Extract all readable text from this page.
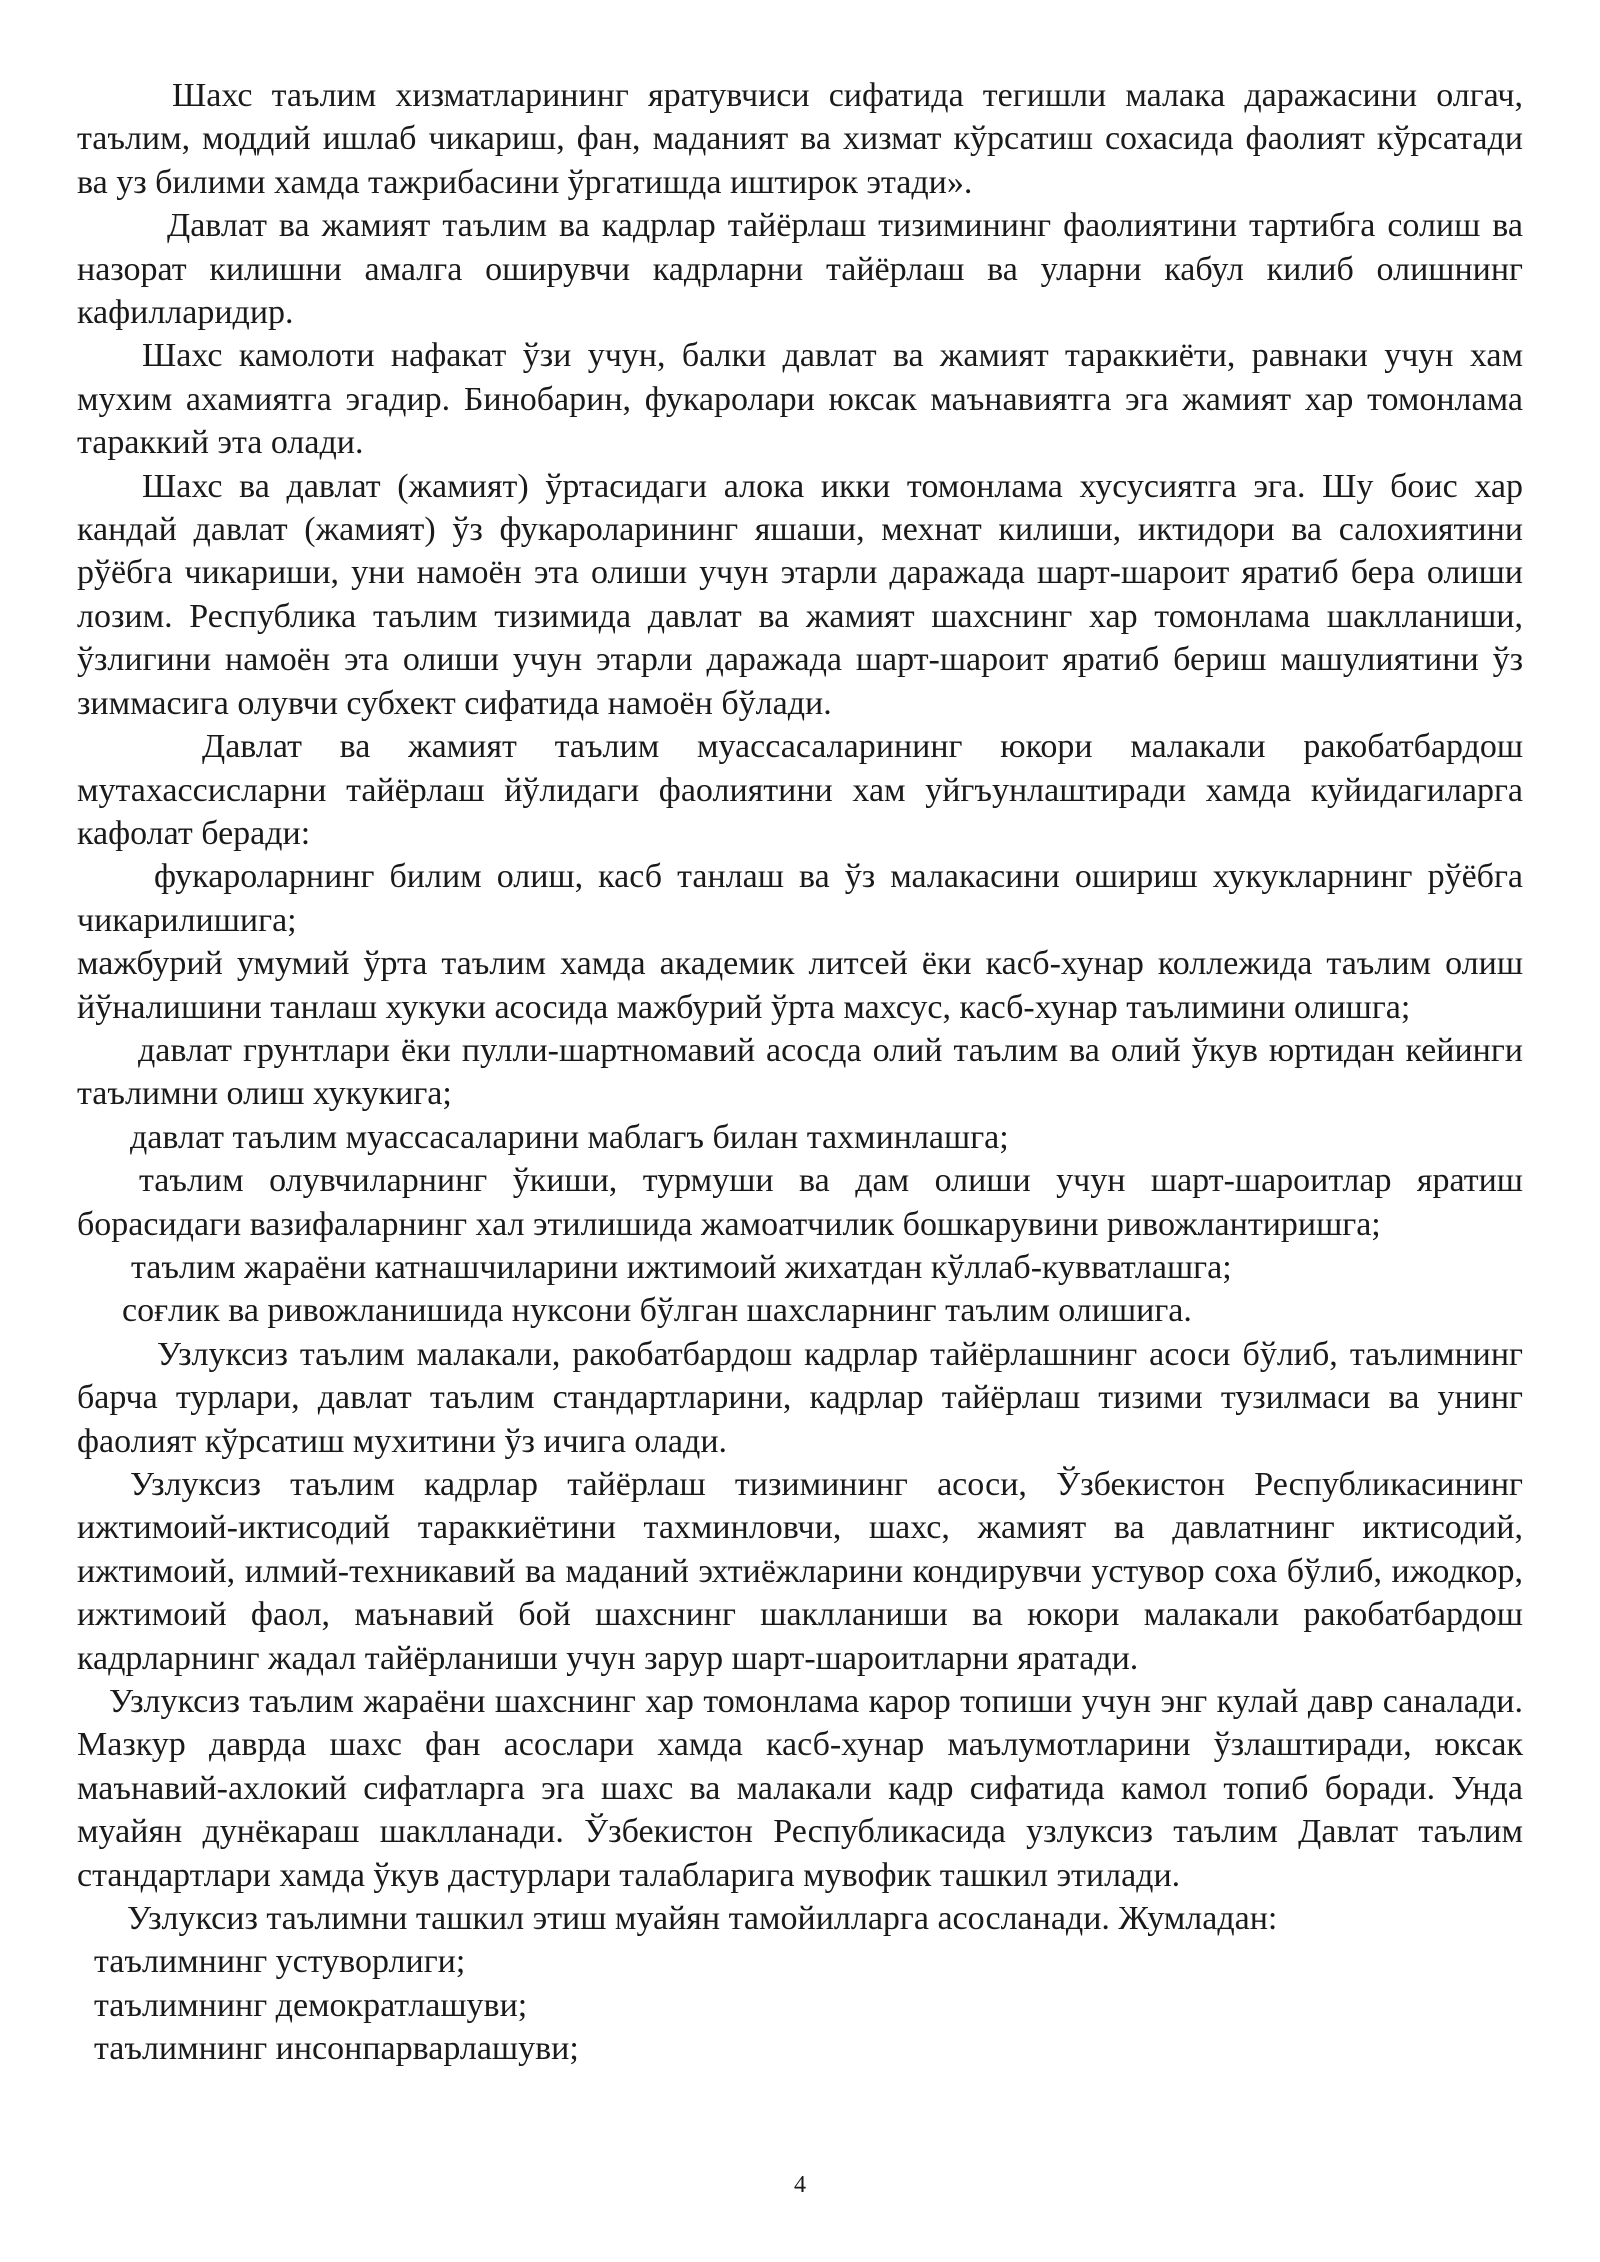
Шахс таълим хизматларининг яратувчиси сифатида тегишли малака даражасини олгач, таълим, моддий ишлаб чикариш, фан, маданият ва хизмат кўрсатиш сохасида фаолият кўрсатади ва уз билими хамда тажрибасини ўргатишда иштирок этади».

Давлат ва жамият таълим ва кадрлар тайёрлаш тизимининг фаолиятини тартибга солиш ва назорат килишни амалга оширувчи кадрларни тайёрлаш ва уларни кабул килиб олишнинг кафилларидир.

Шахс камолоти нафакат ўзи учун, балки давлат ва жамият тараккиёти, равнаки учун хам мухим ахамиятга эгадир. Бинобарин, фукаролари юксак маънавиятга эга жамият хар томонлама тараккий эта олади.

Шахс ва давлат (жамият) ўртасидаги алока икки томонлама хусусиятга эга. Шу боис хар кандай давлат (жамият) ўз фукароларининг яшаши, мехнат килиши, иктидори ва салохиятини рўёбга чикариши, уни намоён эта олиши учун этарли даражада шарт-шароит яратиб бера олиши лозим. Республика таълим тизимида давлат ва жамият шахснинг хар томонлама шаклланиши, ўзлигини намоён эта олиши учун этарли даражада шарт-шароит яратиб бериш машулиятини ўз зиммасига олувчи субхект сифатида намоён бўлади.

Давлат ва жамият таълим муассасаларининг юкори малакали ракобатбардош мутахассисларни тайёрлаш йўлидаги фаолиятини хам уйгъунлаштиради хамда куйидагиларга кафолат беради:

фукароларнинг билим олиш, касб танлаш ва ўз малакасини ошириш хукукларнинг рўёбга чикарилишига;

мажбурий умумий ўрта таълим хамда академик литсей ёки касб-хунар коллежида таълим олиш йўналишини танлаш хукуки асосида мажбурий ўрта махсус, касб-хунар таълимини олишга;

давлат грунтлари ёки пулли-шартномавий асосда олий таълим ва олий ўкув юртидан кейинги таълимни олиш хукукига;

давлат таълим муассасаларини маблагъ билан тахминлашга;

таълим олувчиларнинг ўкиши, турмуши ва дам олиши учун шарт-шароитлар яратиш борасидаги вазифаларнинг хал этилишида жамоатчилик бошкарувини ривожлантиришга;

таълим жараёни катнашчиларини ижтимоий жихатдан кўллаб-кувватлашга;

соғлик ва ривожланишида нуксони бўлган шахсларнинг таълим олишига.

Узлуксиз таълим малакали, ракобатбардош кадрлар тайёрлашнинг асоси бўлиб, таълимнинг барча турлари, давлат таълим стандартларини, кадрлар тайёрлаш тизими тузилмаси ва унинг фаолият кўрсатиш мухитини ўз ичига олади.

Узлуксиз таълим кадрлар тайёрлаш тизимининг асоси, Ўзбекистон Республикасининг ижтимоий-иктисодий тараккиётини тахминловчи, шахс, жамият ва давлатнинг иктисодий, ижтимоий, илмий-техникавий ва маданий эхтиёжларини кондирувчи устувор соха бўлиб, ижодкор, ижтимоий фаол, маънавий бой шахснинг шаклланиши ва юкори малакали ракобатбардош кадрларнинг жадал тайёрланиши учун зарур шарт-шароитларни яратади.

Узлуксиз таълим жараёни шахснинг хар томонлама карор топиши учун энг кулай давр саналади. Мазкур даврда шахс фан асослари хамда касб-хунар маълумотларини ўзлаштиради, юксак маънавий-ахлокий сифатларга эга шахс ва малакали кадр сифатида камол топиб боради. Унда муайян дунёкараш шаклланади. Ўзбекистон Республикасида узлуксиз таълим Давлат таълим стандартлари хамда ўкув дастурлари талабларига мувофик ташкил этилади.

Узлуксиз таълимни ташкил этиш муайян тамойилларга асосланади. Жумладан:

таълимнинг устуворлиги;

таълимнинг демократлашуви;

таълимнинг инсонпарварлашуви;

4
